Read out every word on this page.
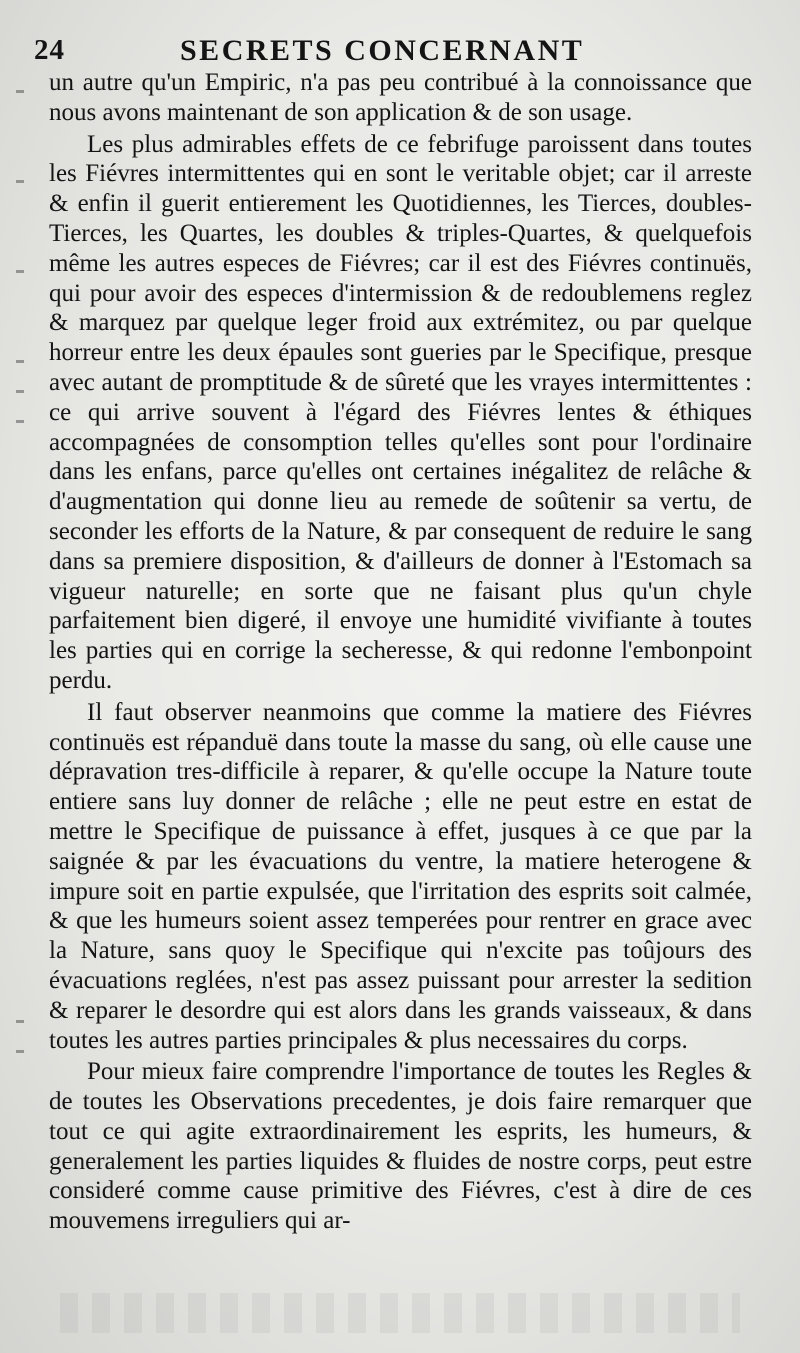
24	SECRETS CONCERNANT

un autre qu'un Empiric, n'a pas peu contribué à la connoissance que nous avons maintenant de son application & de son usage.

Les plus admirables effets de ce febrifuge paroissent dans toutes les Fiévres intermittentes qui en sont le veritable objet; car il arreste & enfin il guerit entierement les Quotidiennes, les Tierces, doubles-Tierces, les Quartes, les doubles & triples-Quartes, & quelquefois même les autres especes de Fiévres; car il est des Fiévres continuës, qui pour avoir des especes d'intermission & de redoublemens reglez & marquez par quelque leger froid aux extrémitez, ou par quelque horreur entre les deux épaules sont gueries par le Specifique, presque avec autant de promptitude & de sûreté que les vrayes intermittentes : ce qui arrive souvent à l'égard des Fiévres lentes & éthiques accompagnées de consomption telles qu'elles sont pour l'ordinaire dans les enfans, parce qu'elles ont certaines inégalitez de relâche & d'augmentation qui donne lieu au remede de soûtenir sa vertu, de seconder les efforts de la Nature, & par consequent de reduire le sang dans sa premiere disposition, & d'ailleurs de donner à l'Estomach sa vigueur naturelle; en sorte que ne faisant plus qu'un chyle parfaitement bien digeré, il envoye une humidité vivifiante à toutes les parties qui en corrige la secheresse, & qui redonne l'embonpoint perdu.

Il faut observer neanmoins que comme la matiere des Fiévres continuës est répanduë dans toute la masse du sang, où elle cause une dépravation tres-difficile à reparer, & qu'elle occupe la Nature toute entiere sans luy donner de relâche ; elle ne peut estre en estat de mettre le Specifique de puissance à effet, jusques à ce que par la saignée & par les évacuations du ventre, la matiere heterogene & impure soit en partie expulsée, que l'irritation des esprits soit calmée, & que les humeurs soient assez temperées pour rentrer en grace avec la Nature, sans quoy le Specifique qui n'excite pas toûjours des évacuations reglées, n'est pas assez puissant pour arrester la sedition & reparer le desordre qui est alors dans les grands vaisseaux, & dans toutes les autres parties principales & plus necessaires du corps.

Pour mieux faire comprendre l'importance de toutes les Regles & de toutes les Observations precedentes, je dois faire remarquer que tout ce qui agite extraordinairement les esprits, les humeurs, & generalement les parties liquides & fluides de nostre corps, peut estre consideré comme cause primitive des Fiévres, c'est à dire de ces mouvemens irreguliers qui ar-
